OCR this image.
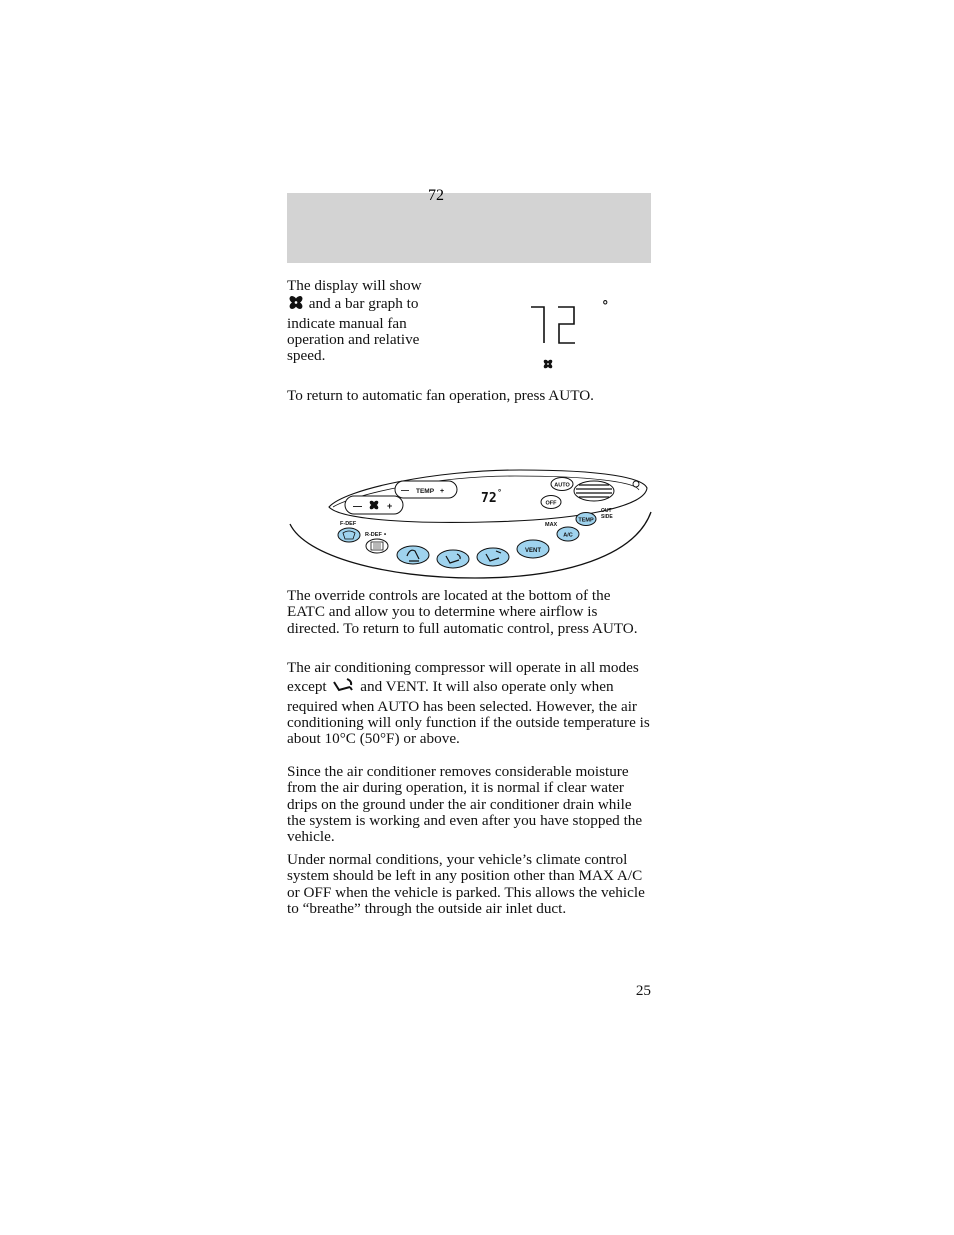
The display will show
and a bar graph to indicate manual fan operation and relative speed.

72
°

To return to automatic fan operation, press AUTO.

—	+
— TEMP +	72 °
AUTO
OFF
TEMP
OUT
SIDE
MAX
A/C
F-DEF
R-DEF •
VENT

The override controls are located at the bottom of the EATC and allow you to determine where airflow is directed. To return to full automatic control, press AUTO.

The air conditioning compressor will operate in all modes except  and VENT. It will also operate only when required when AUTO has been selected. However, the air conditioning will only function if the outside temperature is about 10°C (50°F) or above.

Since the air conditioner removes considerable moisture from the air during operation, it is normal if clear water drips on the ground under the air conditioner drain while the system is working and even after you have stopped the vehicle.

Under normal conditions, your vehicle’s climate control system should be left in any position other than MAX A/C or OFF when the vehicle is parked. This allows the vehicle to “breathe” through the outside air inlet duct.

25
